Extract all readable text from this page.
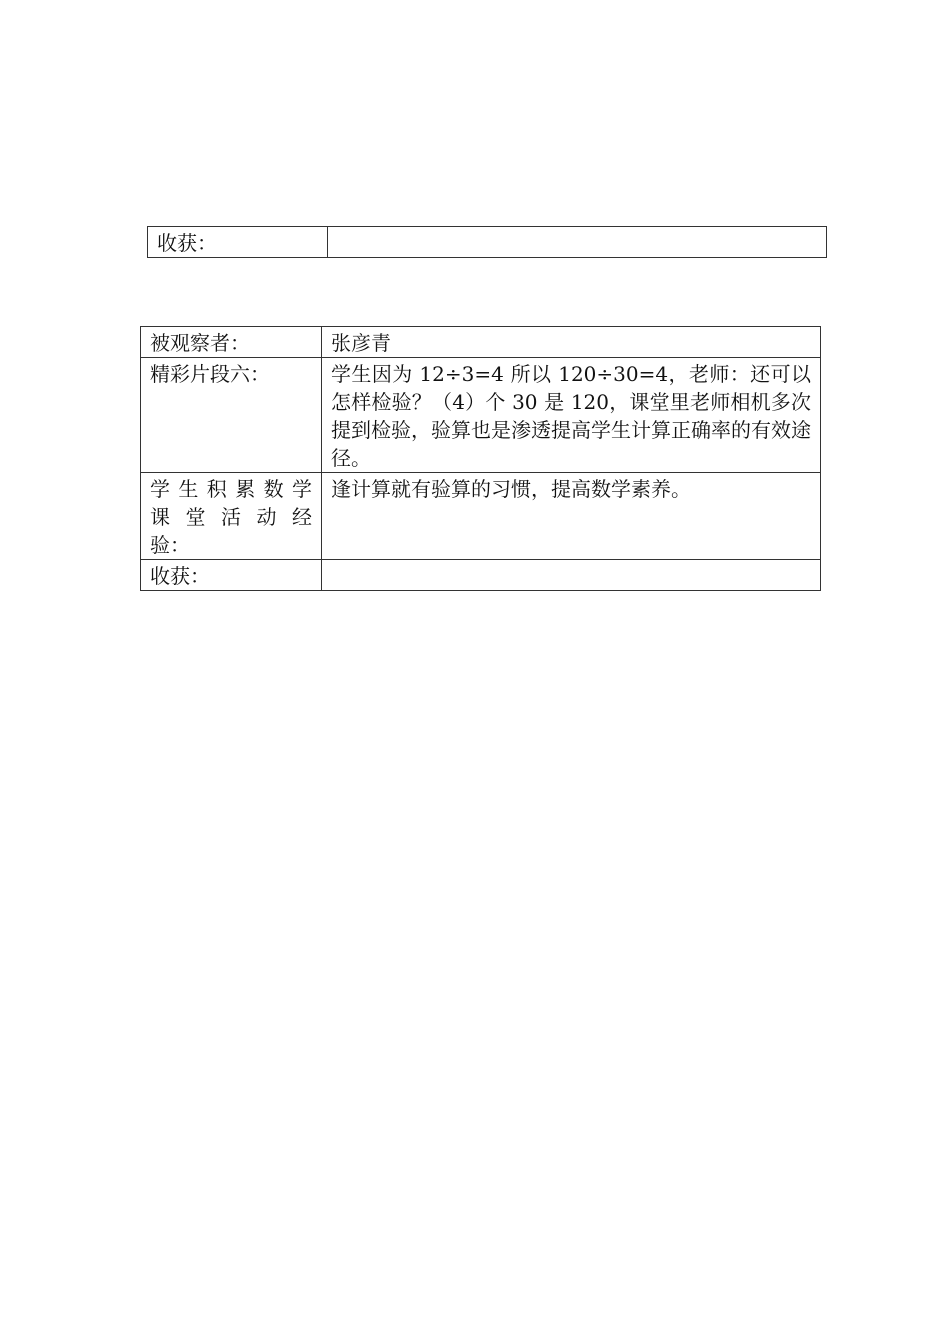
收获：	
被观察者：	张彦青
精彩片段六：	学生因为 12÷3=4 所以 120÷30=4，老师：还可以怎样检验？（4）个 30 是 120，课堂里老师相机多次提到检验，验算也是渗透提高学生计算正确率的有效途径。

学生积累数学
课 堂 活 动 经
验：	逢计算就有验算的习惯，提高数学素养。

收获：	
